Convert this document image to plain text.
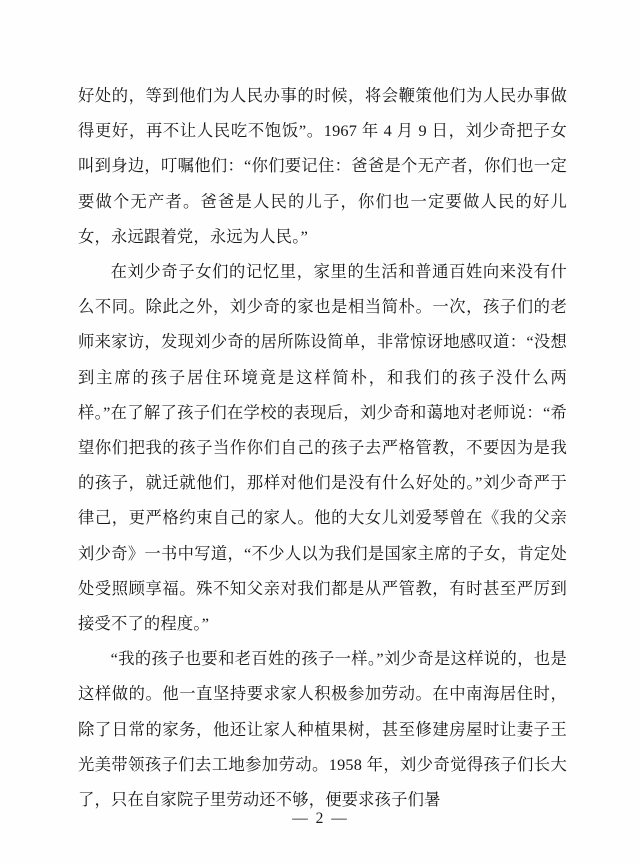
好处的，等到他们为人民办事的时候，将会鞭策他们为人民办事做得更好，再不让人民吃不饱饭”。1967 年 4 月 9 日，刘少奇把子女叫到身边，叮嘱他们：“你们要记住：爸爸是个无产者，你们也一定要做个无产者。爸爸是人民的儿子，你们也一定要做人民的好儿女，永远跟着党，永远为人民。”

在刘少奇子女们的记忆里，家里的生活和普通百姓向来没有什么不同。除此之外，刘少奇的家也是相当简朴。一次，孩子们的老师来家访，发现刘少奇的居所陈设简单，非常惊讶地感叹道：“没想到主席的孩子居住环境竟是这样简朴，和我们的孩子没什么两样。”在了解了孩子们在学校的表现后，刘少奇和蔼地对老师说：“希望你们把我的孩子当作你们自己的孩子去严格管教，不要因为是我的孩子，就迁就他们，那样对他们是没有什么好处的。”刘少奇严于律己，更严格约束自己的家人。他的大女儿刘爱琴曾在《我的父亲刘少奇》一书中写道，“不少人以为我们是国家主席的子女，肯定处处受照顾享福。殊不知父亲对我们都是从严管教，有时甚至严厉到接受不了的程度。”

“我的孩子也要和老百姓的孩子一样。”刘少奇是这样说的，也是这样做的。他一直坚持要求家人积极参加劳动。在中南海居住时，除了日常的家务，他还让家人种植果树，甚至修建房屋时让妻子王光美带领孩子们去工地参加劳动。1958 年，刘少奇觉得孩子们长大了，只在自家院子里劳动还不够，便要求孩子们暑

— 2 —
